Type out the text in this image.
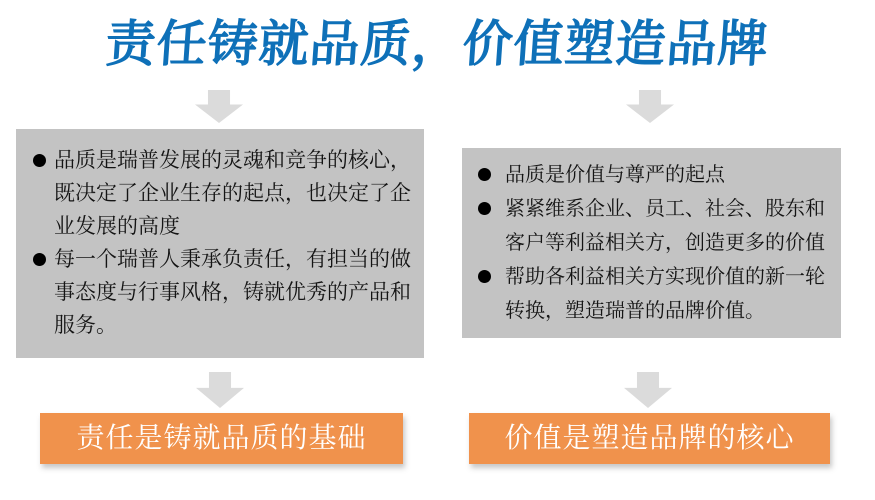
责任铸就品质，价值塑造品牌
品质是瑞普发展的灵魂和竞争的核心，既决定了企业生存的起点，也决定了企业发展的高度
每一个瑞普人秉承负责任，有担当的做事态度与行事风格，铸就优秀的产品和服务。
品质是价值与尊严的起点
紧紧维系企业、员工、社会、股东和客户等利益相关方，创造更多的价值
帮助各利益相关方实现价值的新一轮转换，塑造瑞普的品牌价值。
责任是铸就品质的基础	价值是塑造品牌的核心
